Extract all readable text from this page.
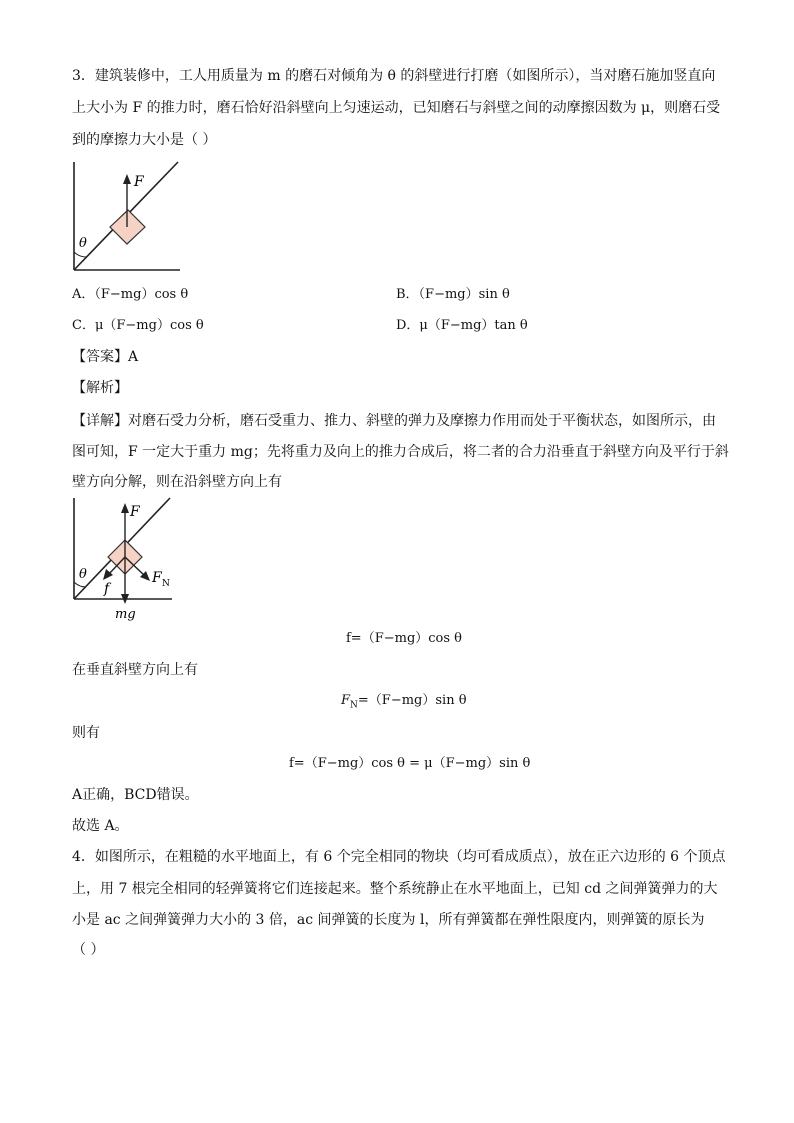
3．建筑装修中，工人用质量为 m 的磨石对倾角为 θ 的斜壁进行打磨（如图所示），当对磨石施加竖直向
上大小为 F 的推力时，磨石恰好沿斜壁向上匀速运动，已知磨石与斜壁之间的动摩擦因数为 μ，则磨石受
到的摩擦力大小是（ ）
θ
F
A．（F−mg）cos θ	B．（F−mg）sin θ
C．μ（F−mg）cos θ	D．μ（F−mg）tan θ
【答案】A
【解析】
【详解】对磨石受力分析，磨石受重力、推力、斜壁的弹力及摩擦力作用而处于平衡状态，如图所示，由
图可知，F 一定大于重力 mg；先将重力及向上的推力合成后，将二者的合力沿垂直于斜壁方向及平行于斜
壁方向分解，则在沿斜壁方向上有
θ
F
mg
F N
f
f=（F−mg）cos θ
在垂直斜壁方向上有
$F_N=(F-mg)\sin$ θ
则有
f=（F−mg）cos θ = μ（F−mg）sin θ
A正确，BCD错误。
故选 A。
4．如图所示，在粗糙的水平地面上，有 6 个完全相同的物块（均可看成质点），放在正六边形的 6 个顶点
上，用 7 根完全相同的轻弹簧将它们连接起来。整个系统静止在水平地面上，已知 cd 之间弹簧弹力的大
小是 ac 之间弹簧弹力大小的 3 倍，ac 间弹簧的长度为 l，所有弹簧都在弹性限度内，则弹簧的原长为
（ ）
